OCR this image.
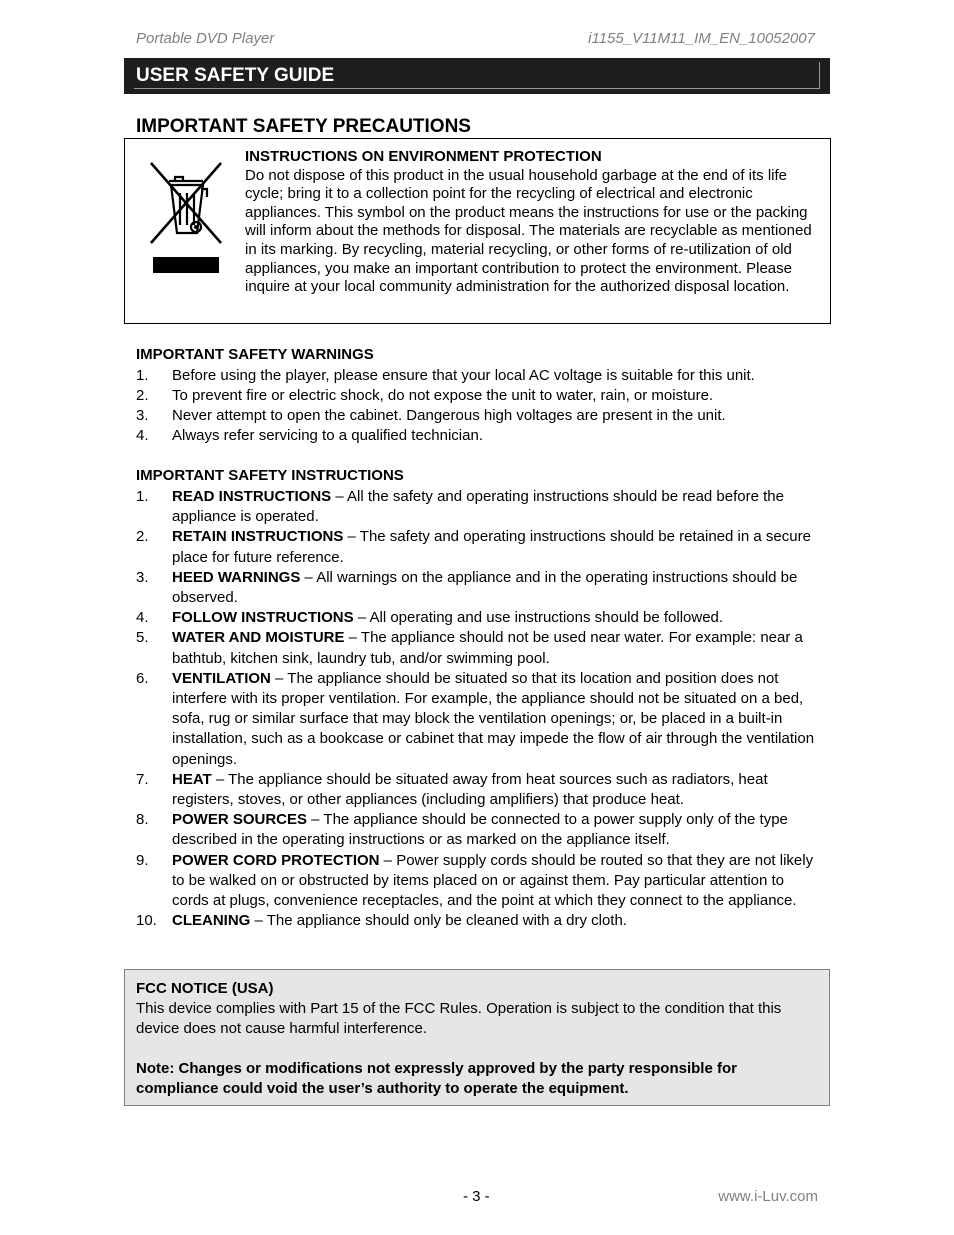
Portable DVD Player	i1155_V11M11_IM_EN_10052007
USER SAFETY GUIDE
IMPORTANT SAFETY PRECAUTIONS
INSTRUCTIONS ON ENVIRONMENT PROTECTION
Do not dispose of this product in the usual household garbage at the end of its life cycle; bring it to a collection point for the recycling of electrical and electronic appliances. This symbol on the product means the instructions for use or the packing will inform about the methods for disposal. The materials are recyclable as mentioned in its marking. By recycling, material recycling, or other forms of re-utilization of old appliances, you make an important contribution to protect the environment. Please inquire at your local community administration for the authorized disposal location.
IMPORTANT SAFETY WARNINGS
1. Before using the player, please ensure that your local AC voltage is suitable for this unit.
2. To prevent fire or electric shock, do not expose the unit to water, rain, or moisture.
3. Never attempt to open the cabinet. Dangerous high voltages are present in the unit.
4. Always refer servicing to a qualified technician.
IMPORTANT SAFETY INSTRUCTIONS
1. READ INSTRUCTIONS – All the safety and operating instructions should be read before the appliance is operated.
2. RETAIN INSTRUCTIONS – The safety and operating instructions should be retained in a secure place for future reference.
3. HEED WARNINGS – All warnings on the appliance and in the operating instructions should be observed.
4. FOLLOW INSTRUCTIONS – All operating and use instructions should be followed.
5. WATER AND MOISTURE – The appliance should not be used near water. For example: near a bathtub, kitchen sink, laundry tub, and/or swimming pool.
6. VENTILATION – The appliance should be situated so that its location and position does not interfere with its proper ventilation. For example, the appliance should not be situated on a bed, sofa, rug or similar surface that may block the ventilation openings; or, be placed in a built-in installation, such as a bookcase or cabinet that may impede the flow of air through the ventilation openings.
7. HEAT – The appliance should be situated away from heat sources such as radiators, heat registers, stoves, or other appliances (including amplifiers) that produce heat.
8. POWER SOURCES – The appliance should be connected to a power supply only of the type described in the operating instructions or as marked on the appliance itself.
9. POWER CORD PROTECTION – Power supply cords should be routed so that they are not likely to be walked on or obstructed by items placed on or against them. Pay particular attention to cords at plugs, convenience receptacles, and the point at which they connect to the appliance.
10. CLEANING – The appliance should only be cleaned with a dry cloth.
FCC NOTICE (USA)
This device complies with Part 15 of the FCC Rules. Operation is subject to the condition that this device does not cause harmful interference.
Note: Changes or modifications not expressly approved by the party responsible for compliance could void the user’s authority to operate the equipment.
- 3 -	www.i-Luv.com
